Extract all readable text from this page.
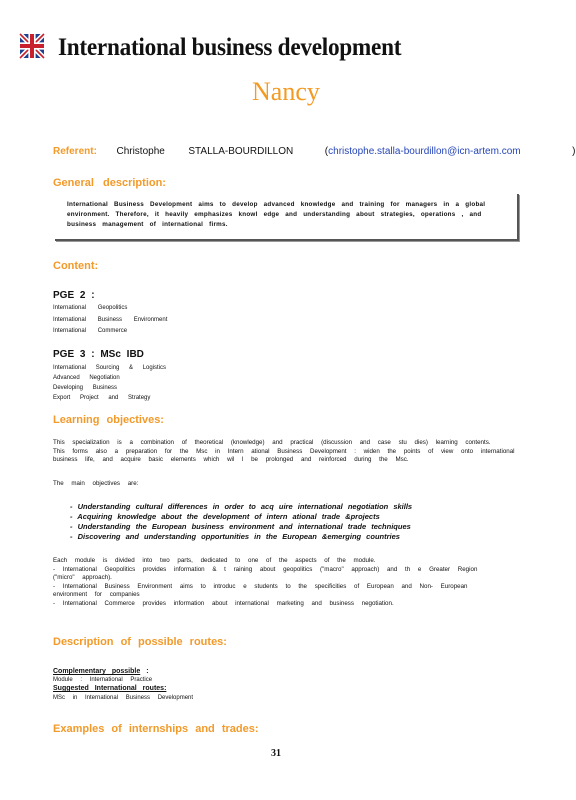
International business development
Nancy
Referent: Christophe STALLA-BOURDILLON	(christophe.stalla-bourdillon@icn-artem.com	)
General description:
International Business Development aims to develop advanced knowledge and training for managers in a global
environment. Therefore, it heavily emphasizes knowl edge and understanding about strategies, operations , and
business management of international firms.
Content:
PGE 2 :
International Geopolitics
International Business Environment
International Commerce
PGE 3 : MSc IBD
International Sourcing & Logistics
Advanced Negotiation
Developing Business
Export Project and Strategy
Learning objectives:
This specialization is a combination of theoretical (knowledge) and practical (discussion and case stu dies) learning contents.
This forms also a preparation for the Msc in Intern ational Business Development : widen the points of view onto international
business life, and acquire basic elements which wil l be prolonged and reinforced during the Msc.
The main objectives are:
- Understanding cultural differences in order to acq uire international negotiation skills
- Acquiring knowledge about the development of intern ational trade &projects
- Understanding the European business environment and international trade techniques
- Discovering and understanding opportunities in the European &emerging countries
Each module is divided into two parts, dedicated to one of the aspects of the module.
- International Geopolitics provides information & t raining about geopolitics ("macro" approach) and th e Greater Region
("micro" approach).
- International Business Environment aims to introduc e students to the specificities of European and Non- European
environment for companies
- International Commerce provides information about international marketing and business negotiation.
Description of possible routes:
Complementary possible :
Module : International Practice
Suggested International routes:
MSc in International Business Development
Examples of internships and trades:
31
